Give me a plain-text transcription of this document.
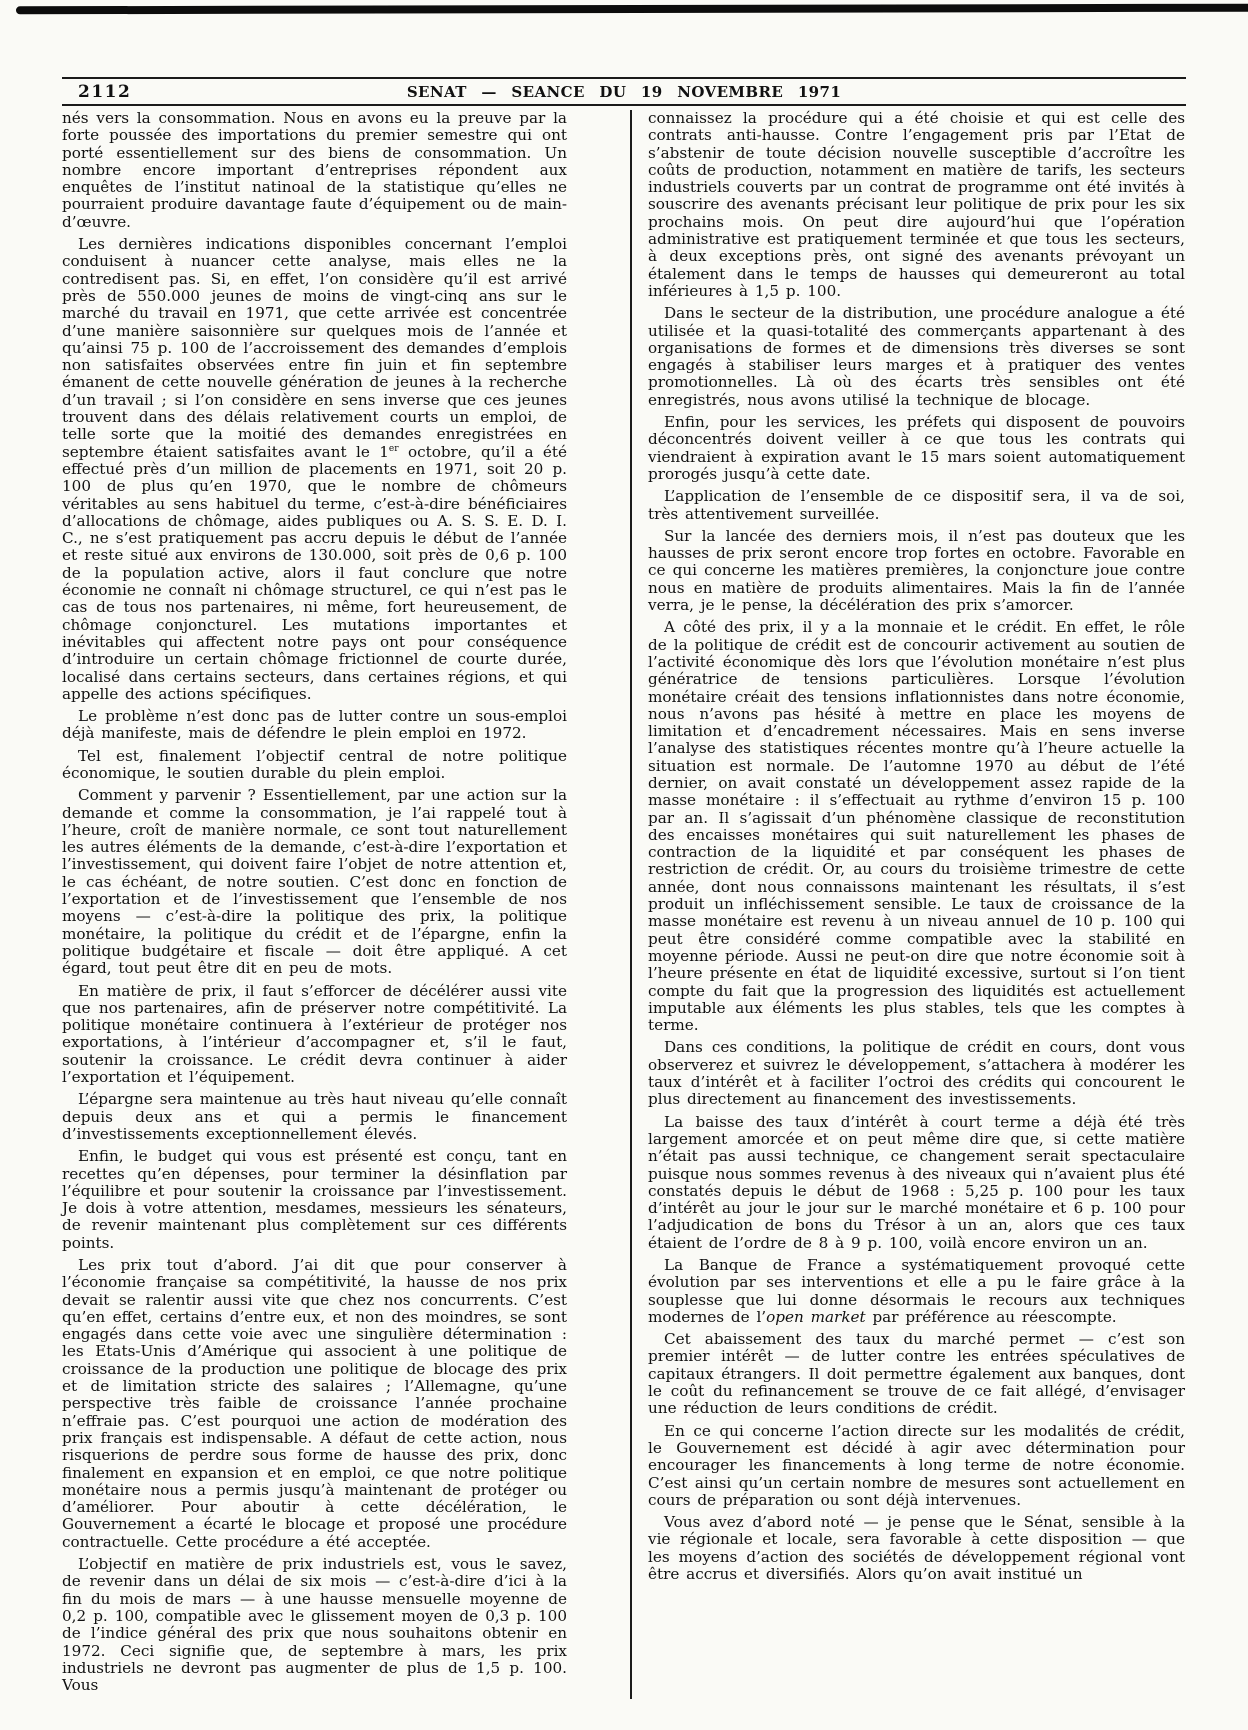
2112	SENAT — SEANCE DU 19 NOVEMBRE 1971

nés vers la consommation. Nous en avons eu la preuve par la forte poussée des importations du premier semestre qui ont porté essentiellement sur des biens de consommation. Un nombre encore important d’entreprises répondent aux enquêtes de l’institut natinoal de la statistique qu’elles ne pourraient produire davantage faute d’équipement ou de main-d’œuvre.

Les dernières indications disponibles concernant l’emploi conduisent à nuancer cette analyse, mais elles ne la contredisent pas. Si, en effet, l’on considère qu’il est arrivé près de 550.000 jeunes de moins de vingt-cinq ans sur le marché du travail en 1971, que cette arrivée est concentrée d’une manière saisonnière sur quelques mois de l’année et qu’ainsi 75 p. 100 de l’accroissement des demandes d’emplois non satisfaites observées entre fin juin et fin septembre émanent de cette nouvelle génération de jeunes à la recherche d’un travail ; si l’on considère en sens inverse que ces jeunes trouvent dans des délais relativement courts un emploi, de telle sorte que la moitié des demandes enregistrées en septembre étaient satisfaites avant le 1er octobre, qu’il a été effectué près d’un million de placements en 1971, soit 20 p. 100 de plus qu’en 1970, que le nombre de chômeurs véritables au sens habituel du terme, c’est-à-dire bénéficiaires d’allocations de chômage, aides publiques ou A. S. S. E. D. I. C., ne s’est pratiquement pas accru depuis le début de l’année et reste situé aux environs de 130.000, soit près de 0,6 p. 100 de la population active, alors il faut conclure que notre économie ne connaît ni chômage structurel, ce qui n’est pas le cas de tous nos partenaires, ni même, fort heureusement, de chômage conjoncturel. Les mutations importantes et inévitables qui affectent notre pays ont pour conséquence d’introduire un certain chômage frictionnel de courte durée, localisé dans certains secteurs, dans certaines régions, et qui appelle des actions spécifiques.

Le problème n’est donc pas de lutter contre un sous-emploi déjà manifeste, mais de défendre le plein emploi en 1972.

Tel est, finalement l’objectif central de notre politique économique, le soutien durable du plein emploi.

Comment y parvenir ? Essentiellement, par une action sur la demande et comme la consommation, je l’ai rappelé tout à l’heure, croît de manière normale, ce sont tout naturellement les autres éléments de la demande, c’est-à-dire l’exportation et l’investissement, qui doivent faire l’objet de notre attention et, le cas échéant, de notre soutien. C’est donc en fonction de l’exportation et de l’investissement que l’ensemble de nos moyens — c’est-à-dire la politique des prix, la politique monétaire, la politique du crédit et de l’épargne, enfin la politique budgétaire et fiscale — doit être appliqué. A cet égard, tout peut être dit en peu de mots.

En matière de prix, il faut s’efforcer de décélérer aussi vite que nos partenaires, afin de préserver notre compétitivité. La politique monétaire continuera à l’extérieur de protéger nos exportations, à l’intérieur d’accompagner et, s’il le faut, soutenir la croissance. Le crédit devra continuer à aider l’exportation et l’équipement.

L’épargne sera maintenue au très haut niveau qu’elle connaît depuis deux ans et qui a permis le financement d’investissements exceptionnellement élevés.

Enfin, le budget qui vous est présenté est conçu, tant en recettes qu’en dépenses, pour terminer la désinflation par l’équilibre et pour soutenir la croissance par l’investissement. Je dois à votre attention, mesdames, messieurs les sénateurs, de revenir maintenant plus complètement sur ces différents points.

Les prix tout d’abord. J’ai dit que pour conserver à l’économie française sa compétitivité, la hausse de nos prix devait se ralentir aussi vite que chez nos concurrents. C’est qu’en effet, certains d’entre eux, et non des moindres, se sont engagés dans cette voie avec une singulière détermination : les Etats-Unis d’Amérique qui associent à une politique de croissance de la production une politique de blocage des prix et de limitation stricte des salaires ; l’Allemagne, qu’une perspective très faible de croissance l’année prochaine n’effraie pas. C’est pourquoi une action de modération des prix français est indispensable. A défaut de cette action, nous risquerions de perdre sous forme de hausse des prix, donc finalement en expansion et en emploi, ce que notre politique monétaire nous a permis jusqu’à maintenant de protéger ou d’améliorer. Pour aboutir à cette décélération, le Gouvernement a écarté le blocage et proposé une procédure contractuelle. Cette procédure a été acceptée.

L’objectif en matière de prix industriels est, vous le savez, de revenir dans un délai de six mois — c’est-à-dire d’ici à la fin du mois de mars — à une hausse mensuelle moyenne de 0,2 p. 100, compatible avec le glissement moyen de 0,3 p. 100 de l’indice général des prix que nous souhaitons obtenir en 1972. Ceci signifie que, de septembre à mars, les prix industriels ne devront pas augmenter de plus de 1,5 p. 100. Vous

connaissez la procédure qui a été choisie et qui est celle des contrats anti-hausse. Contre l’engagement pris par l’Etat de s’abstenir de toute décision nouvelle susceptible d’accroître les coûts de production, notamment en matière de tarifs, les secteurs industriels couverts par un contrat de programme ont été invités à souscrire des avenants précisant leur politique de prix pour les six prochains mois. On peut dire aujourd’hui que l’opération administrative est pratiquement terminée et que tous les secteurs, à deux exceptions près, ont signé des avenants prévoyant un étalement dans le temps de hausses qui demeureront au total inférieures à 1,5 p. 100.

Dans le secteur de la distribution, une procédure analogue a été utilisée et la quasi-totalité des commerçants appartenant à des organisations de formes et de dimensions très diverses se sont engagés à stabiliser leurs marges et à pratiquer des ventes promotionnelles. Là où des écarts très sensibles ont été enregistrés, nous avons utilisé la technique de blocage.

Enfin, pour les services, les préfets qui disposent de pouvoirs déconcentrés doivent veiller à ce que tous les contrats qui viendraient à expiration avant le 15 mars soient automatiquement prorogés jusqu’à cette date.

L’application de l’ensemble de ce dispositif sera, il va de soi, très attentivement surveillée.

Sur la lancée des derniers mois, il n’est pas douteux que les hausses de prix seront encore trop fortes en octobre. Favorable en ce qui concerne les matières premières, la conjoncture joue contre nous en matière de produits alimentaires. Mais la fin de l’année verra, je le pense, la décélération des prix s’amorcer.

A côté des prix, il y a la monnaie et le crédit. En effet, le rôle de la politique de crédit est de concourir activement au soutien de l’activité économique dès lors que l’évolution monétaire n’est plus génératrice de tensions particulières. Lorsque l’évolution monétaire créait des tensions inflationnistes dans notre économie, nous n’avons pas hésité à mettre en place les moyens de limitation et d’encadrement nécessaires. Mais en sens inverse l’analyse des statistiques récentes montre qu’à l’heure actuelle la situation est normale. De l’automne 1970 au début de l’été dernier, on avait constaté un développement assez rapide de la masse monétaire : il s’effectuait au rythme d’environ 15 p. 100 par an. Il s’agissait d’un phénomène classique de reconstitution des encaisses monétaires qui suit naturellement les phases de contraction de la liquidité et par conséquent les phases de restriction de crédit. Or, au cours du troisième trimestre de cette année, dont nous connaissons maintenant les résultats, il s’est produit un infléchissement sensible. Le taux de croissance de la masse monétaire est revenu à un niveau annuel de 10 p. 100 qui peut être considéré comme compatible avec la stabilité en moyenne période. Aussi ne peut-on dire que notre économie soit à l’heure présente en état de liquidité excessive, surtout si l’on tient compte du fait que la progression des liquidités est actuellement imputable aux éléments les plus stables, tels que les comptes à terme.

Dans ces conditions, la politique de crédit en cours, dont vous observerez et suivrez le développement, s’attachera à modérer les taux d’intérêt et à faciliter l’octroi des crédits qui concourent le plus directement au financement des investissements.

La baisse des taux d’intérêt à court terme a déjà été très largement amorcée et on peut même dire que, si cette matière n’était pas aussi technique, ce changement serait spectaculaire puisque nous sommes revenus à des niveaux qui n’avaient plus été constatés depuis le début de 1968 : 5,25 p. 100 pour les taux d’intérêt au jour le jour sur le marché monétaire et 6 p. 100 pour l’adjudication de bons du Trésor à un an, alors que ces taux étaient de l’ordre de 8 à 9 p. 100, voilà encore environ un an.

La Banque de France a systématiquement provoqué cette évolution par ses interventions et elle a pu le faire grâce à la souplesse que lui donne désormais le recours aux techniques modernes de l’open market par préférence au réescompte.

Cet abaissement des taux du marché permet — c’est son premier intérêt — de lutter contre les entrées spéculatives de capitaux étrangers. Il doit permettre également aux banques, dont le coût du refinancement se trouve de ce fait allégé, d’envisager une réduction de leurs conditions de crédit.

En ce qui concerne l’action directe sur les modalités de crédit, le Gouvernement est décidé à agir avec détermination pour encourager les financements à long terme de notre économie. C’est ainsi qu’un certain nombre de mesures sont actuellement en cours de préparation ou sont déjà intervenues.

Vous avez d’abord noté — je pense que le Sénat, sensible à la vie régionale et locale, sera favorable à cette disposition — que les moyens d’action des sociétés de développement régional vont être accrus et diversifiés. Alors qu’on avait institué un
